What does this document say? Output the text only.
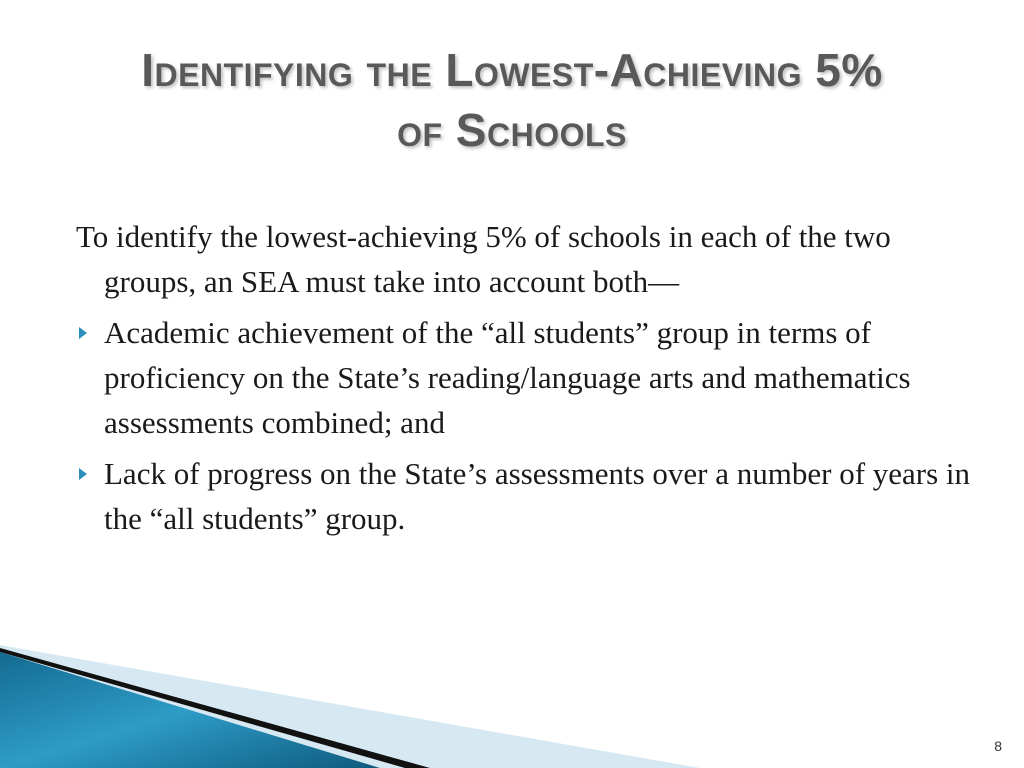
Identifying the Lowest-Achieving 5%
of Schools

To identify the lowest-achieving 5% of schools in each of the two groups, an SEA must take into account both—

Academic achievement of the “all students” group in terms of proficiency on the State’s reading/language arts and mathematics assessments combined; and
Lack of progress on the State’s assessments over a number of years in the “all students” group.
8
